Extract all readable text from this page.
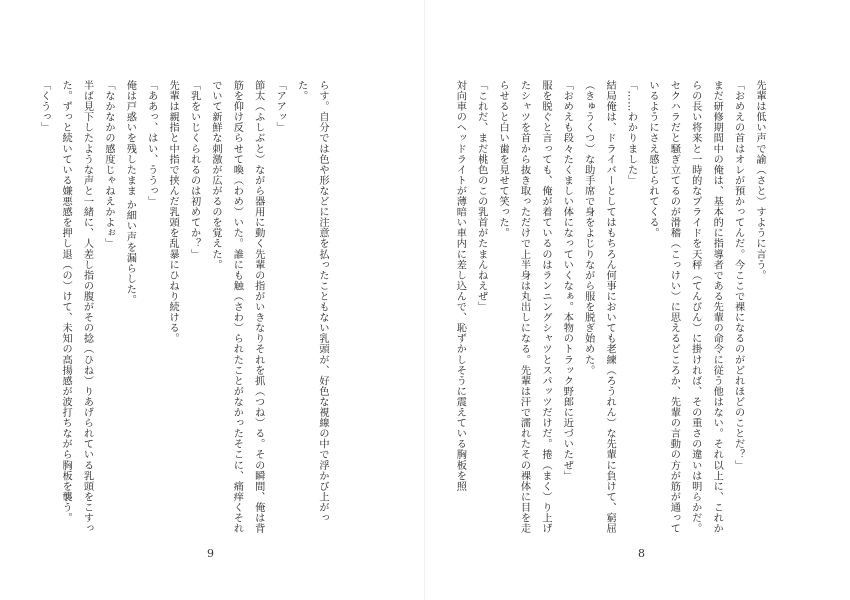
らす。自分では色や形などに注意を払ったこともない乳頭が、好色な視線の中で浮かび上がった。

「アアッ」

節太（ふしぶと）ながら器用に動く先輩の指がいきなりそれを抓（つね）る。その瞬間、俺は背筋を仰け反らせて喚（わめ）いた。誰にも触（さわ）られたことがなかったそこに、痛痒くそれでいて新鮮な刺激が広がるのを覚えた。

「乳をいじくられるのは初めてか？」

先輩は親指と中指で挟んだ乳頭を乱暴にひねり続ける。

「ああっ、はい、ううっ」

俺は戸惑いを残したまま か細い声を漏らした。

「なかなかの感度じゃねえかよぉ」

半ば見下したような声と一緒に、人差し指の腹がその捻（ひね）りあげられている乳頭をこすった。ずっと続いている嫌悪感を押し退（の）けて、未知の高揚感が波打ちながら胸板を襲う。

「くうっ」

9

先輩は低い声で諭（さと）すように言う。

「おめえの首はオレが預かってんだ。今ここで裸になるのがどれほどのことだ？」

まだ研修期間中の俺は、基本的に指導者である先輩の命令に従う他はない。それ以上に、これからの長い将来と一時的なプライドを天秤（てんびん）に掛ければ、その重さの違いは明らかだ。セクハラだと騒ぎ立てるのが滑稽（こっけい）に思えるどころか、先輩の言動の方が筋が通っているようにさえ感じられてくる。

「……わかりました」

結局俺は、ドライバーとしてはもちろん何事においても老練（ろうれん）な先輩に負けて、窮屈（きゅうくつ）な助手席で身をよじりながら服を脱ぎ始めた。

「おめえも段々たくましい体になっていくなぁ。本物のトラック野郎に近づいたぜ」

服を脱ぐと言っても、俺が着ているのはランニングシャツとスパッツだけだ。捲（まく）り上げたシャツを首から抜き取っただけで上半身は丸出しになる。先輩は汗で濡れたその裸体に目を走らせると白い歯を見せて笑った。

「これだ、まだ桃色のこの乳首がたまんねえぜ」

対向車のヘッドライトが薄暗い車内に差し込んで、恥ずかしそうに震えている胸板を照

8
